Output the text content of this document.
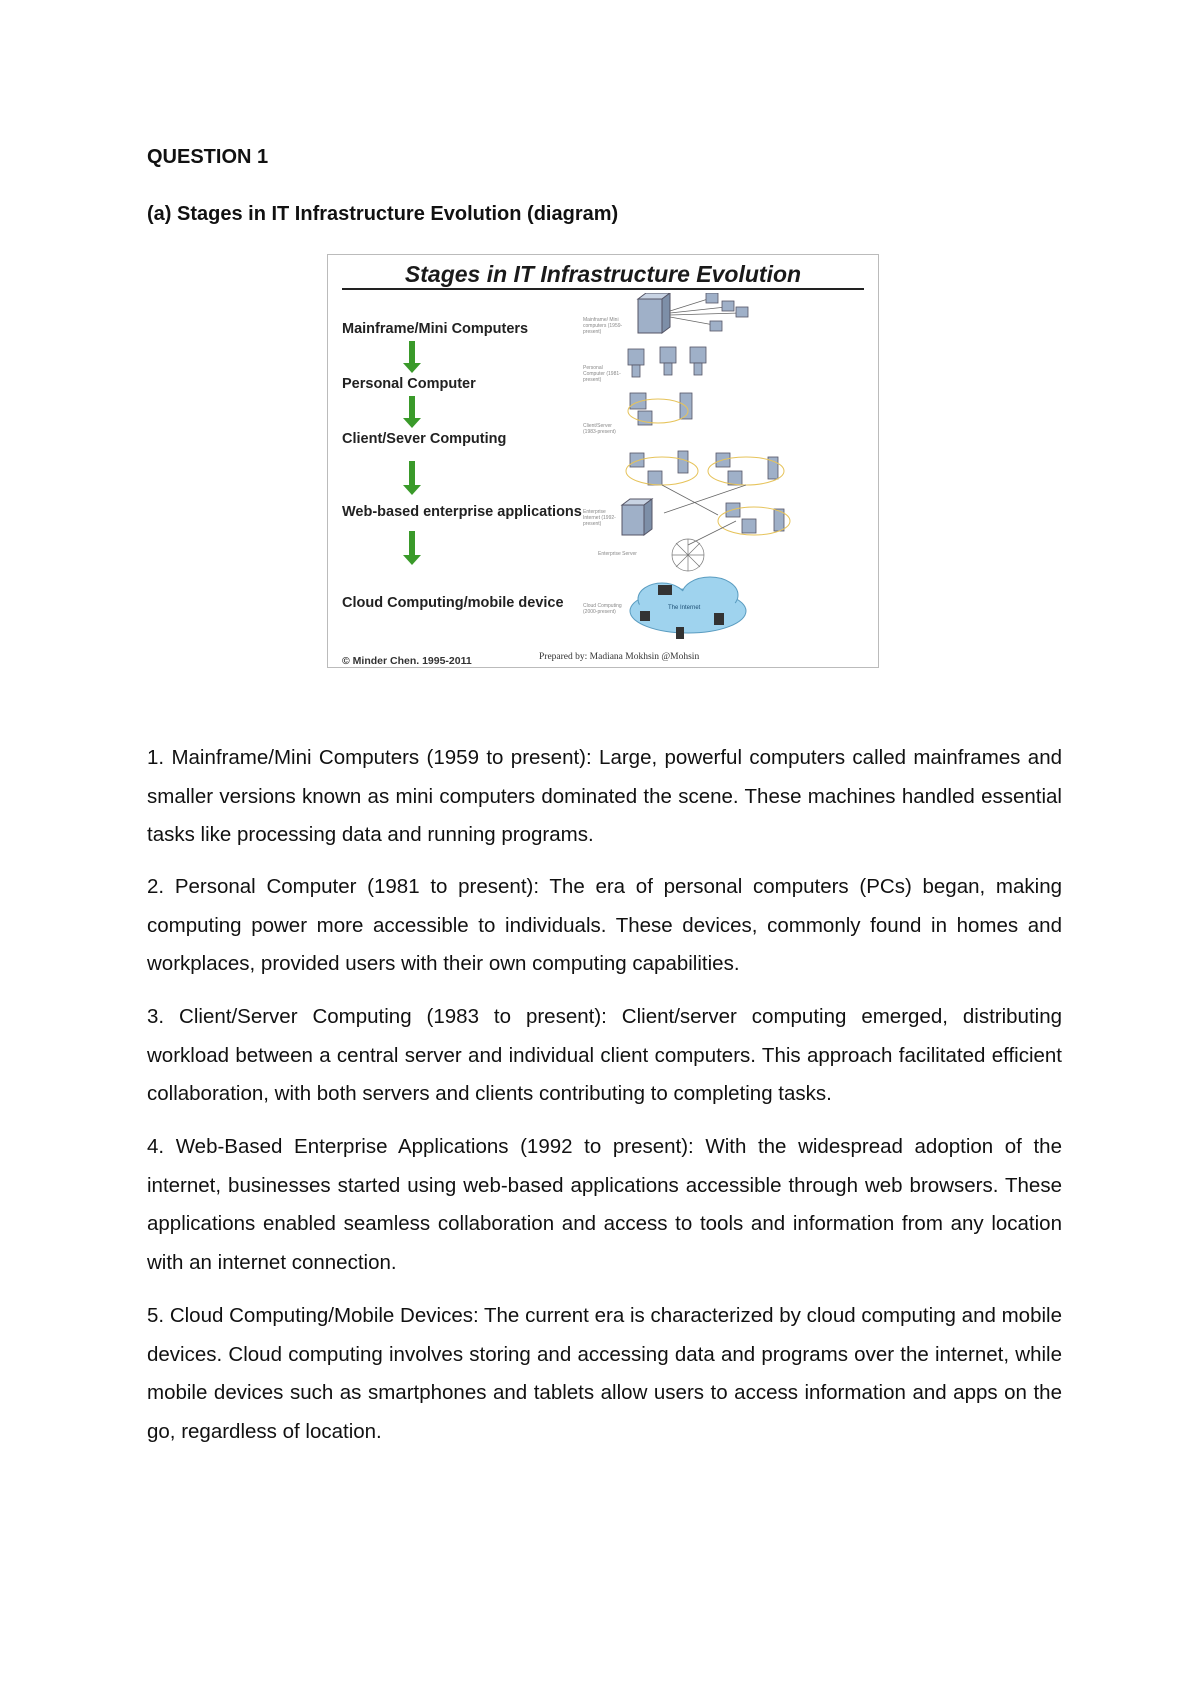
QUESTION 1
(a) Stages in IT Infrastructure Evolution (diagram)
Stages in IT Infrastructure Evolution
Mainframe/Mini Computers
Personal Computer
Client/Sever Computing
Web-based enterprise applications
Cloud Computing/mobile device
Mainframe/ Mini computers (1959-present)
Personal Computer (1981-present)
Client/Server (1983-present)
Enterprise Internet (1992-present)
Enterprise Server
Cloud Computing (2000-present)
The Internet
© Minder Chen. 1995-2011	Prepared by: Madiana Mokhsin @Mohsin

1. Mainframe/Mini Computers (1959 to present): Large, powerful computers called mainframes and smaller versions known as mini computers dominated the scene. These machines handled essential tasks like processing data and running programs.

2. Personal Computer (1981 to present): The era of personal computers (PCs) began, making computing power more accessible to individuals. These devices, commonly found in homes and workplaces, provided users with their own computing capabilities.

3. Client/Server Computing (1983 to present): Client/server computing emerged, distributing workload between a central server and individual client computers. This approach facilitated efficient collaboration, with both servers and clients contributing to completing tasks.

4. Web-Based Enterprise Applications (1992 to present): With the widespread adoption of the internet, businesses started using web-based applications accessible through web browsers. These applications enabled seamless collaboration and access to tools and information from any location with an internet connection.

5. Cloud Computing/Mobile Devices: The current era is characterized by cloud computing and mobile devices. Cloud computing involves storing and accessing data and programs over the internet, while mobile devices such as smartphones and tablets allow users to access information and apps on the go, regardless of location.
